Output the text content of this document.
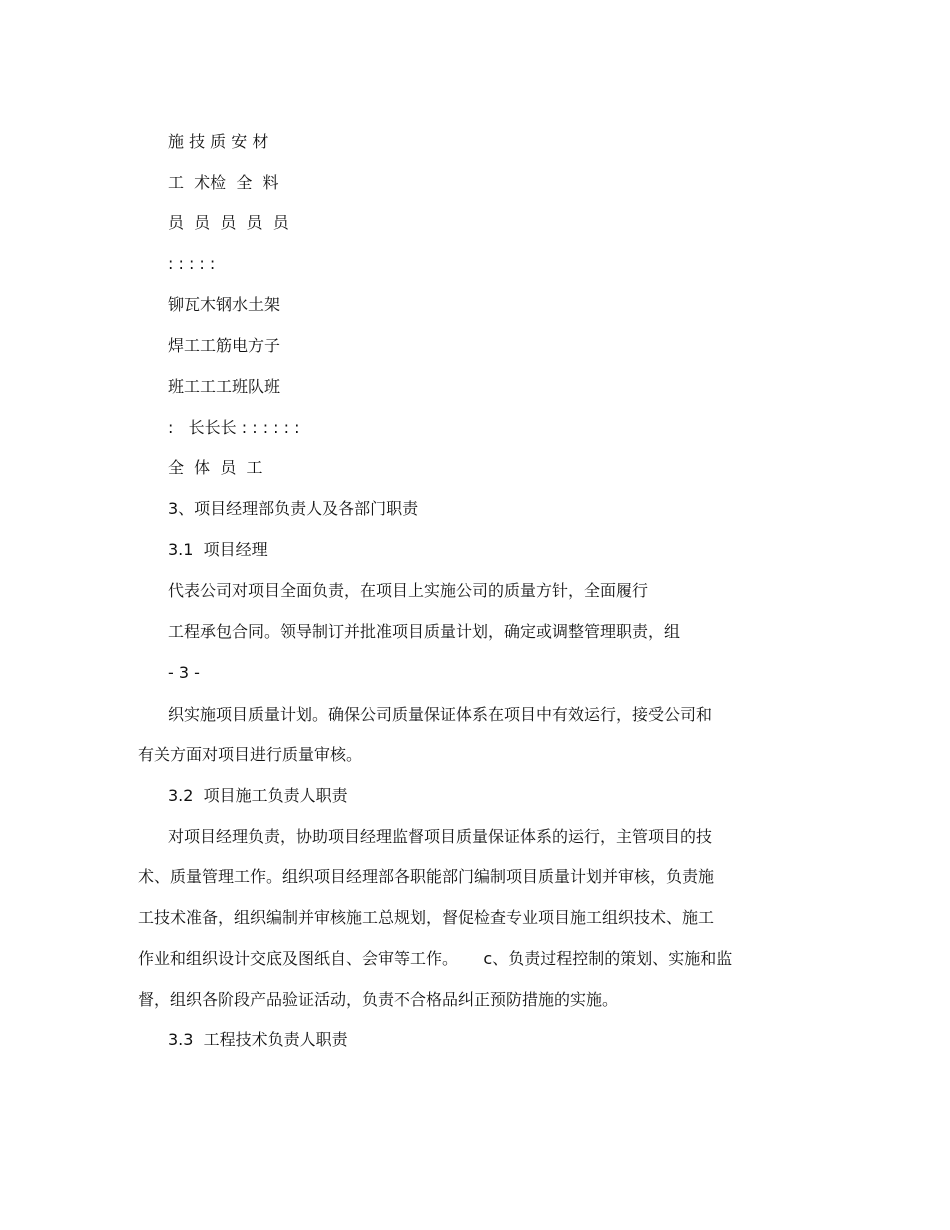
施 技 质 安 材
工  术检  全  料
员  员  员  员  员
: : : : :
铆瓦木钢水土架
焊工工筋电方子
班工工工班队班
:   长长长 : : : : : :
全  体  员  工
3、项目经理部负责人及各部门职责
3.1  项目经理
代表公司对项目全面负责，在项目上实施公司的质量方针，全面履行
工程承包合同。领导制订并批准项目质量计划，确定或调整管理职责，组
- 3 -
织实施项目质量计划。确保公司质量保证体系在项目中有效运行，接受公司和
有关方面对项目进行质量审核。
3.2  项目施工负责人职责
对项目经理负责，协助项目经理监督项目质量保证体系的运行，主管项目的技
术、质量管理工作。组织项目经理部各职能部门编制项目质量计划并审核，负责施
工技术准备，组织编制并审核施工总规划，督促检查专业项目施工组织技术、施工
作业和组织设计交底及图纸自、会审等工作。     c、负责过程控制的策划、实施和监
督，组织各阶段产品验证活动，负责不合格品纠正预防措施的实施。
3.3  工程技术负责人职责
